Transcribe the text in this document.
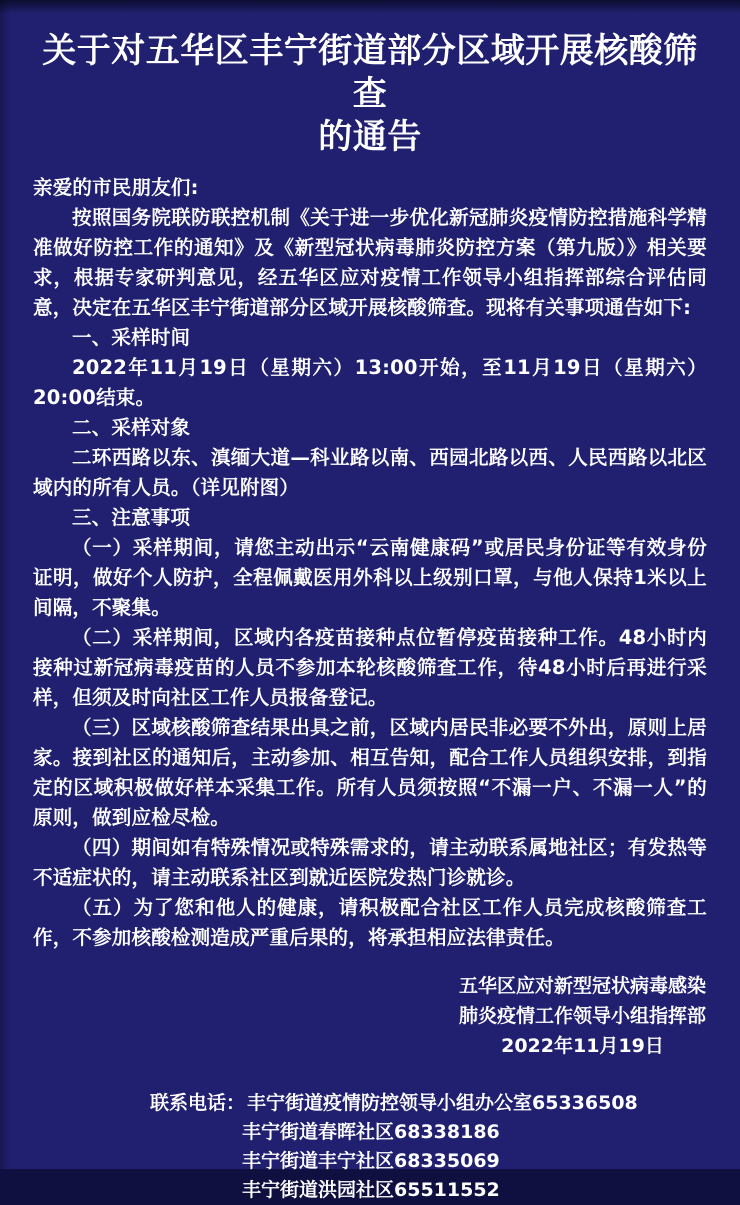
关于对五华区丰宁街道部分区域开展核酸筛查
的通告

亲爱的市民朋友们:

按照国务院联防联控机制《关于进一步优化新冠肺炎疫情防控措施科学精准做好防控工作的通知》及《新型冠状病毒肺炎防控方案（第九版）》相关要求，根据专家研判意见，经五华区应对疫情工作领导小组指挥部综合评估同意，决定在五华区丰宁街道部分区域开展核酸筛查。现将有关事项通告如下:

一、采样时间

2022年11月19日（星期六）13:00开始，至11月19日（星期六）20:00结束。

二、采样对象

二环西路以东、滇缅大道—科业路以南、西园北路以西、人民西路以北区域内的所有人员。（详见附图）

三、注意事项

（一）采样期间，请您主动出示“云南健康码”或居民身份证等有效身份证明，做好个人防护，全程佩戴医用外科以上级别口罩，与他人保持1米以上间隔，不聚集。

（二）采样期间，区域内各疫苗接种点位暂停疫苗接种工作。48小时内接种过新冠病毒疫苗的人员不参加本轮核酸筛查工作，待48小时后再进行采样，但须及时向社区工作人员报备登记。

（三）区域核酸筛查结果出具之前，区域内居民非必要不外出，原则上居家。接到社区的通知后，主动参加、相互告知，配合工作人员组织安排，到指定的区域积极做好样本采集工作。所有人员须按照“不漏一户、不漏一人”的原则，做到应检尽检。

（四）期间如有特殊情况或特殊需求的，请主动联系属地社区；有发热等不适症状的，请主动联系社区到就近医院发热门诊就诊。

（五）为了您和他人的健康，请积极配合社区工作人员完成核酸筛查工作，不参加核酸检测造成严重后果的，将承担相应法律责任。

五华区应对新型冠状病毒感染
肺炎疫情工作领导小组指挥部
2022年11月19日
联系电话： 丰宁街道疫情防控领导小组办公室65336508
丰宁街道春晖社区68338186
丰宁街道丰宁社区68335069
丰宁街道洪园社区65511552
